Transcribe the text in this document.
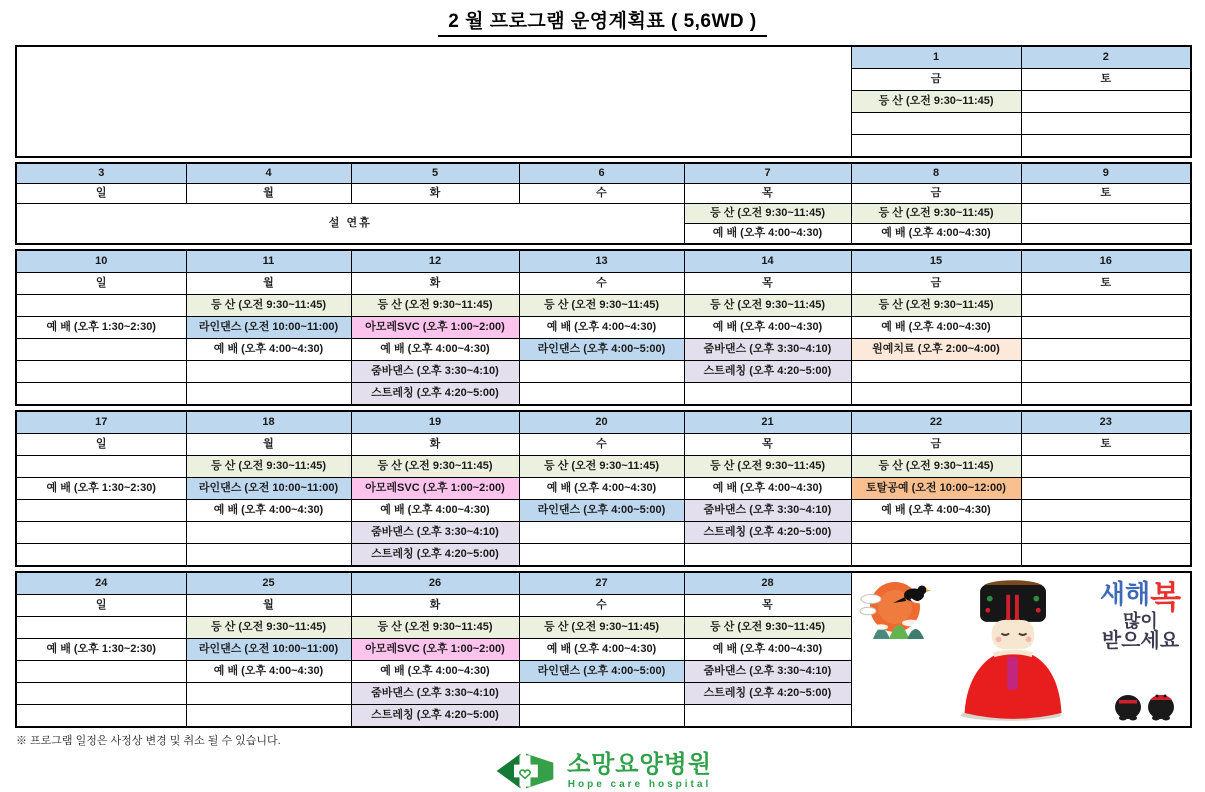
2 월 프로그램 운영계획표 ( 5,6WD )
	1	2
	금	토
	등 산 (오전 9:30~11:45)	

3	4	5	6	7	8	9
일	월	화	수	목	금	토
설 연휴				등 산 (오전 9:30~11:45)	등 산 (오전 9:30~11:45)	
				예 배 (오후 4:00~4:30)	예 배 (오후 4:00~4:30)	
10	11	12	13	14	15	16
일	월	화	수	목	금	토
	등 산 (오전 9:30~11:45)	등 산 (오전 9:30~11:45)	등 산 (오전 9:30~11:45)	등 산 (오전 9:30~11:45)	등 산 (오전 9:30~11:45)	
예 배 (오후 1:30~2:30)	라인댄스 (오전 10:00~11:00)	아모레SVC (오후 1:00~2:00)	예 배 (오후 4:00~4:30)	예 배 (오후 4:00~4:30)	예 배 (오후 4:00~4:30)	
	예 배 (오후 4:00~4:30)	예 배 (오후 4:00~4:30)	라인댄스 (오후 4:00~5:00)	줌바댄스 (오후 3:30~4:10)	원예치료 (오후 2:00~4:00)	
		줌바댄스 (오후 3:30~4:10)		스트레칭 (오후 4:20~5:00)		
		스트레칭 (오후 4:20~5:00)				
17	18	19	20	21	22	23
일	월	화	수	목	금	토
	등 산 (오전 9:30~11:45)	등 산 (오전 9:30~11:45)	등 산 (오전 9:30~11:45)	등 산 (오전 9:30~11:45)	등 산 (오전 9:30~11:45)	
예 배 (오후 1:30~2:30)	라인댄스 (오전 10:00~11:00)	아모레SVC (오후 1:00~2:00)	예 배 (오후 4:00~4:30)	예 배 (오후 4:00~4:30)	토탈공예 (오전 10:00~12:00)	
	예 배 (오후 4:00~4:30)	예 배 (오후 4:00~4:30)	라인댄스 (오후 4:00~5:00)	줌바댄스 (오후 3:30~4:10)	예 배 (오후 4:00~4:30)	
		줌바댄스 (오후 3:30~4:10)		스트레칭 (오후 4:20~5:00)		
		스트레칭 (오후 4:20~5:00)				
24	25	26	27	28	새해복
많이
받으세요

일	월	화	수	목	
	등 산 (오전 9:30~11:45)	등 산 (오전 9:30~11:45)	등 산 (오전 9:30~11:45)	등 산 (오전 9:30~11:45)	
예 배 (오후 1:30~2:30)	라인댄스 (오전 10:00~11:00)	아모레SVC (오후 1:00~2:00)	예 배 (오후 4:00~4:30)	예 배 (오후 4:00~4:30)	
	예 배 (오후 4:00~4:30)	예 배 (오후 4:00~4:30)	라인댄스 (오후 4:00~5:00)	줌바댄스 (오후 3:30~4:10)	
		줌바댄스 (오후 3:30~4:10)		스트레칭 (오후 4:20~5:00)	
		스트레칭 (오후 4:20~5:00)			
※ 프로그램 일정은 사정상 변경 및 취소 될 수 있습니다.
소망요양병원
Hope care hospital
